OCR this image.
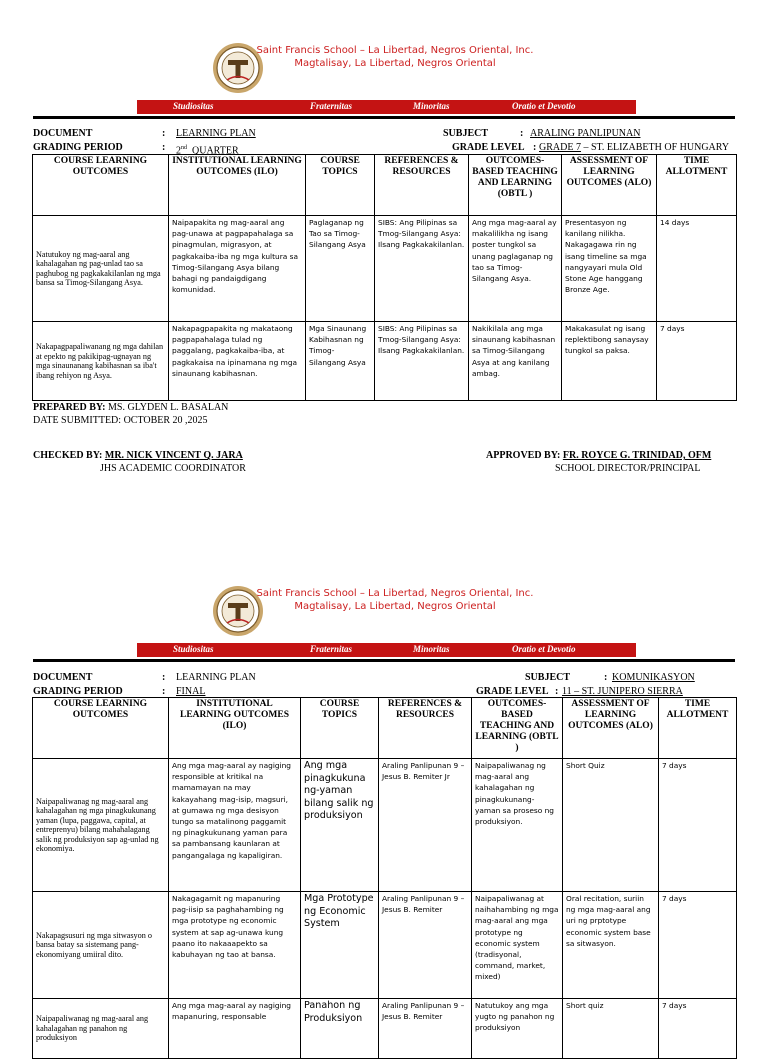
Saint Francis School – La Libertad, Negros Oriental, Inc.
Magtalisay, La Libertad, Negros Oriental
Studiositas	Fraternitas	Minoritas	Oratio et Devotio
DOCUMENT	: LEARNING PLAN	SUBJECT	: ARALING PANLIPUNAN
GRADING PERIOD	: 2nd QUARTER	GRADE LEVEL : GRADE 7 – ST. ELIZABETH OF HUNGARY
COURSE LEARNING OUTCOMES	INSTITUTIONAL LEARNING OUTCOMES (ILO)	COURSE TOPICS	REFERENCES & RESOURCES	OUTCOMES-BASED TEACHING AND LEARNING (OBTL )	ASSESSMENT OF LEARNING OUTCOMES (ALO)	TIME ALLOTMENT
Natutukoy ng mag-aaral ang kahalagahan ng pag-unlad tao sa paghubog ng pagkakakilanlan ng mga bansa sa Timog-Silangang Asya.	Naipapakita ng mag-aaral ang pag-unawa at pagpapahalaga sa pinagmulan, migrasyon, at pagkakaiba-iba ng mga kultura sa Timog-Silangang Asya bilang bahagi ng pandaigdigang komunidad.	Paglaganap ng Tao sa Timog-Silangang Asya	SIBS: Ang Pilipinas sa Tmog-Silangang Asya: Ilsang Pagkakakilanlan.	Ang mga mag-aaral ay makalilikha ng isang poster tungkol sa unang paglaganap ng tao sa Timog-Silangang Asya.	Presentasyon ng kanilang nilikha. Nakagagawa rin ng isang timeline sa mga nangyayari mula Old Stone Age hanggang Bronze Age.	14 days
Nakapagpapaliwanang ng mga dahilan at epekto ng pakikipag-ugnayan ng mga sinaunanang kabihasnan sa iba't ibang rehiyon ng Asya.	Nakapagpapakita ng makataong pagpapahalaga tulad ng paggalang, pagkakaiba-iba, at pagkakaisa na ipinamana ng mga sinaunang kabihasnan.	Mga Sinaunang Kabihasnan ng Timog-Silangang Asya	SIBS: Ang Pilipinas sa Tmog-Silangang Asya: Ilsang Pagkakakilanlan.	Nakikilala ang mga sinaunang kabihasnan sa Timog-Silangang Asya at ang kanilang ambag.	Makakasulat ng isang replektibong sanaysay tungkol sa paksa.	7 days
PREPARED BY: MS. GLYDEN L. BASALAN
DATE SUBMITTED: OCTOBER 20 ,2025
CHECKED BY: MR. NICK VINCENT Q. JARA
JHS ACADEMIC COORDINATOR
APPROVED BY: FR. ROYCE G. TRINIDAD, OFM
SCHOOL DIRECTOR/PRINCIPAL
Saint Francis School – La Libertad, Negros Oriental, Inc.
Magtalisay, La Libertad, Negros Oriental
Studiositas	Fraternitas	Minoritas	Oratio et Devotio
DOCUMENT	: LEARNING PLAN	SUBJECT	: KOMUNIKASYON
GRADING PERIOD	: FINAL	GRADE LEVEL : 11 – ST. JUNIPERO SIERRA
COURSE LEARNING OUTCOMES	INSTITUTIONAL LEARNING OUTCOMES (ILO)	COURSE TOPICS	REFERENCES & RESOURCES	OUTCOMES-BASED TEACHING AND LEARNING (OBTL )	ASSESSMENT OF LEARNING OUTCOMES (ALO)	TIME ALLOTMENT
Naipapaliwanag ng mag-aaral ang kahalagahan ng mga pinagkukunang yaman (lupa, paggawa, capital, at entreprenyu) bilang mahahalagang salik ng produksiyon sap ag-unlad ng ekonomiya.	Ang mga mag-aaral ay nagiging responsible at kritikal na mamamayan na may kakayahang mag-isip, magsuri, at gumawa ng mga desisyon tungo sa matalinong paggamit ng pinagkukunang yaman para sa pambansang kaunlaran at pangangalaga ng kapaligiran.	Ang mga pinagkukuna ng-yaman bilang salik ng produksiyon	Araling Panlipunan 9 – Jesus B. Remiter Jr	Naipapaliwanag ng mag-aaral ang kahalagahan ng pinagkukunang-yaman sa proseso ng produksiyon.	Short Quiz	7 days
Nakapagsusuri ng mga sitwasyon o bansa batay sa sistemang pang-ekonomiyang umiiral dito.	Nakagagamit ng mapanuring pag-iisip sa paghahambing ng mga prototype ng economic system at sap ag-unawa kung paano ito nakaaapekto sa kabuhayan ng tao at bansa.	Mga Prototype ng Economic System	Araling Panlipunan 9 – Jesus B. Remiter	Naipapaliwanag at naihahambing ng mga mag-aaral ang mga prototype ng economic system (tradisyonal, command, market, mixed)	Oral recitation, suriin ng mga mag-aaral ang uri ng prptotype economic system base sa sitwasyon.	7 days
Naipapaliwanag ng mag-aaral ang kahalagahan ng panahon ng produksiyon	Ang mga mag-aaral ay nagiging mapanuring, responsable	Panahon ng Produksiyon	Araling Panlipunan 9 – Jesus B. Remiter	Natutukoy ang mga yugto ng panahon ng produksiyon	Short quiz	7 days
